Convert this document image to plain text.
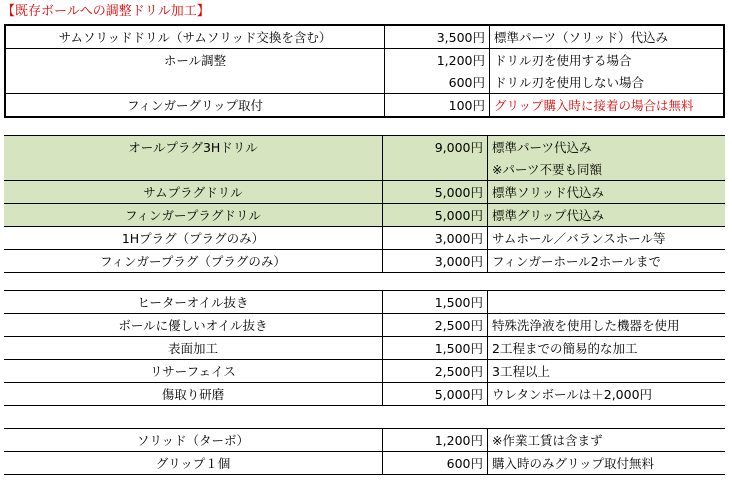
【既存ボールへの調整ドリル加工】
サムソリッドドリル（サムソリッド交換を含む）	3,500円	標準パーツ（ソリッド）代込み
ホール調整	1,200円	ドリル刃を使用する場合
	600円	ドリル刃を使用しない場合
フィンガーグリップ取付	100円	グリップ購入時に接着の場合は無料
オールプラグ3Hドリル	9,000円	標準パーツ代込み
		※パーツ不要も同額
サムプラグドリル	5,000円	標準ソリッド代込み
フィンガープラグドリル	5,000円	標準グリップ代込み
1Hプラグ（プラグのみ）	3,000円	サムホール／バランスホール等
フィンガープラグ（プラグのみ）	3,000円	フィンガーホール2ホールまで
ヒーターオイル抜き	1,500円	
ボールに優しいオイル抜き	2,500円	特殊洗浄液を使用した機器を使用
表面加工	1,500円	2工程までの簡易的な加工
リサーフェイス	2,500円	3工程以上
傷取り研磨	5,000円	ウレタンボールは＋2,000円
ソリッド（ターボ）	1,200円	※作業工賃は含まず
グリップ１個	600円	購入時のみグリップ取付無料
